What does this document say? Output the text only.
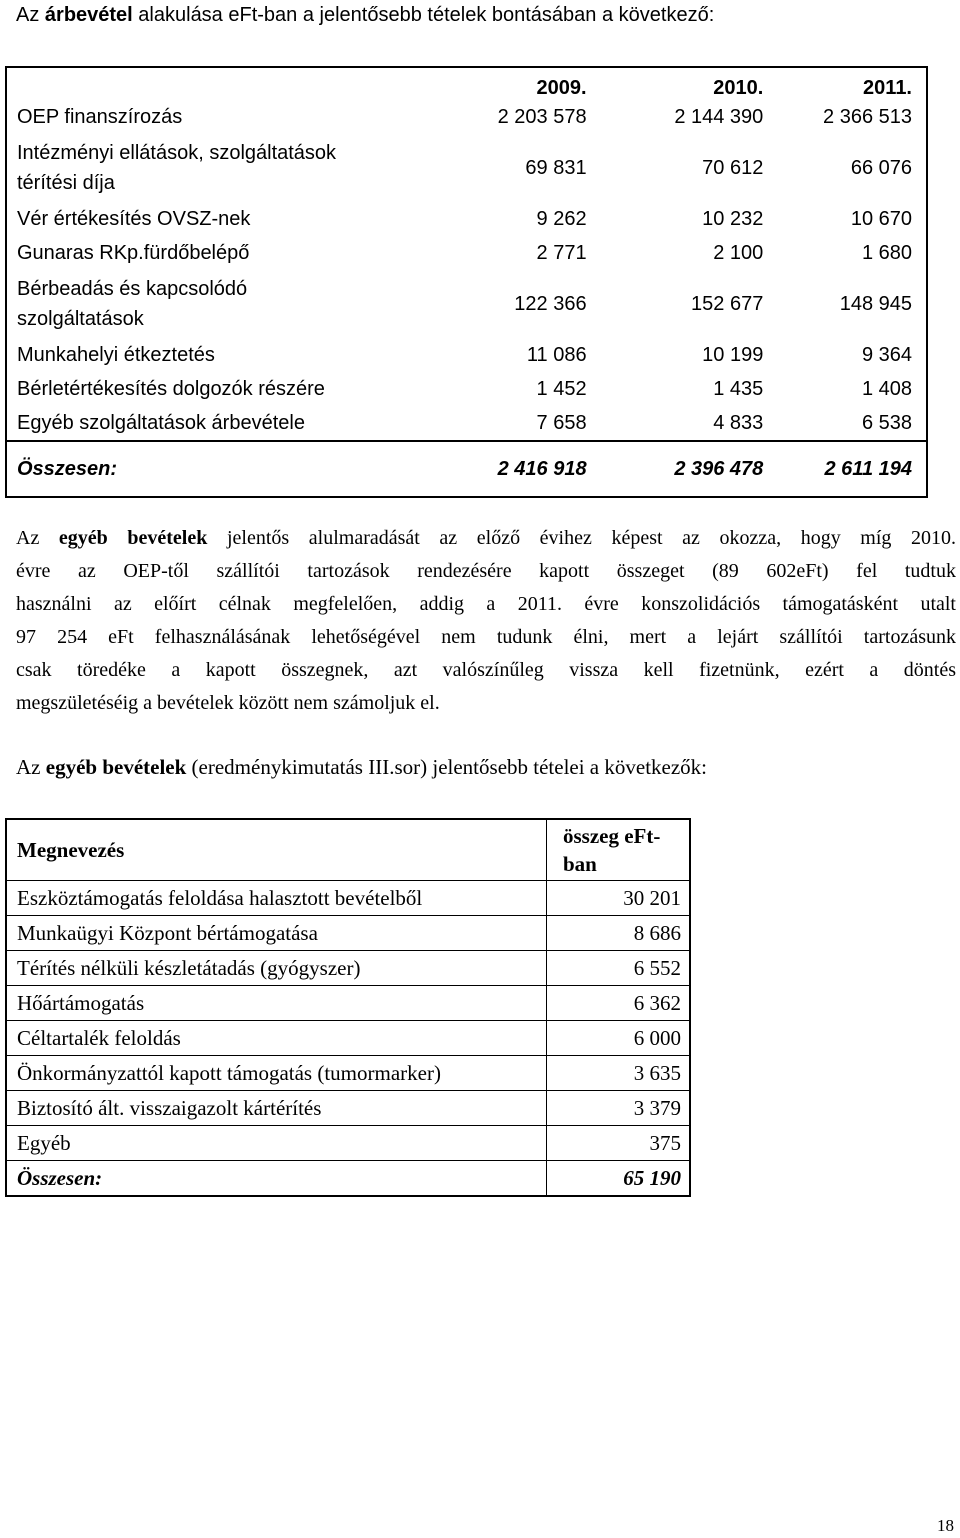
Az árbevétel alakulása eFt-ban a jelentősebb tételek bontásában a következő:
	2009.	2010.	2011.
OEP finanszírozás	2 203 578	2 144 390	2 366 513
Intézményi ellátások, szolgáltatások
térítési díja	69 831	70 612	66 076
Vér értékesítés OVSZ-nek	9 262	10 232	10 670
Gunaras RKp.fürdőbelépő	2 771	2 100	1 680
Bérbeadás és kapcsolódó
szolgáltatások	122 366	152 677	148 945
Munkahelyi étkeztetés	11 086	10 199	9 364
Bérletértékesítés dolgozók részére	1 452	1 435	1 408
Egyéb szolgáltatások árbevétele	7 658	4 833	6 538
Összesen:	2 416 918	2 396 478	2 611 194
Az egyéb bevételek jelentős alulmaradását az előző évihez képest az okozza, hogy míg 2010.
évre az OEP-től szállítói tartozások rendezésére kapott összeget (89 602eFt) fel tudtuk
használni az előírt célnak megfelelően, addig a 2011. évre konszolidációs támogatásként utalt
97 254 eFt felhasználásának lehetőségével nem tudunk élni, mert a lejárt szállítói tartozásunk
csak töredéke a kapott összegnek, azt valószínűleg vissza kell fizetnünk, ezért a döntés
megszületéséig a bevételek között nem számoljuk el.
Az egyéb bevételek (eredménykimutatás III.sor) jelentősebb tételei a következők:
Megnevezés	összeg eFt-
ban
Eszköztámogatás feloldása halasztott bevételből	30 201
Munkaügyi Központ bértámogatása	8 686
Térítés nélküli készletátadás (gyógyszer)	6 552
Hőártámogatás	6 362
Céltartalék feloldás	6 000
Önkormányzattól kapott támogatás (tumormarker)	3 635
Biztosító ált. visszaigazolt kártérítés	3 379
Egyéb	375
Összesen:	65 190
18
